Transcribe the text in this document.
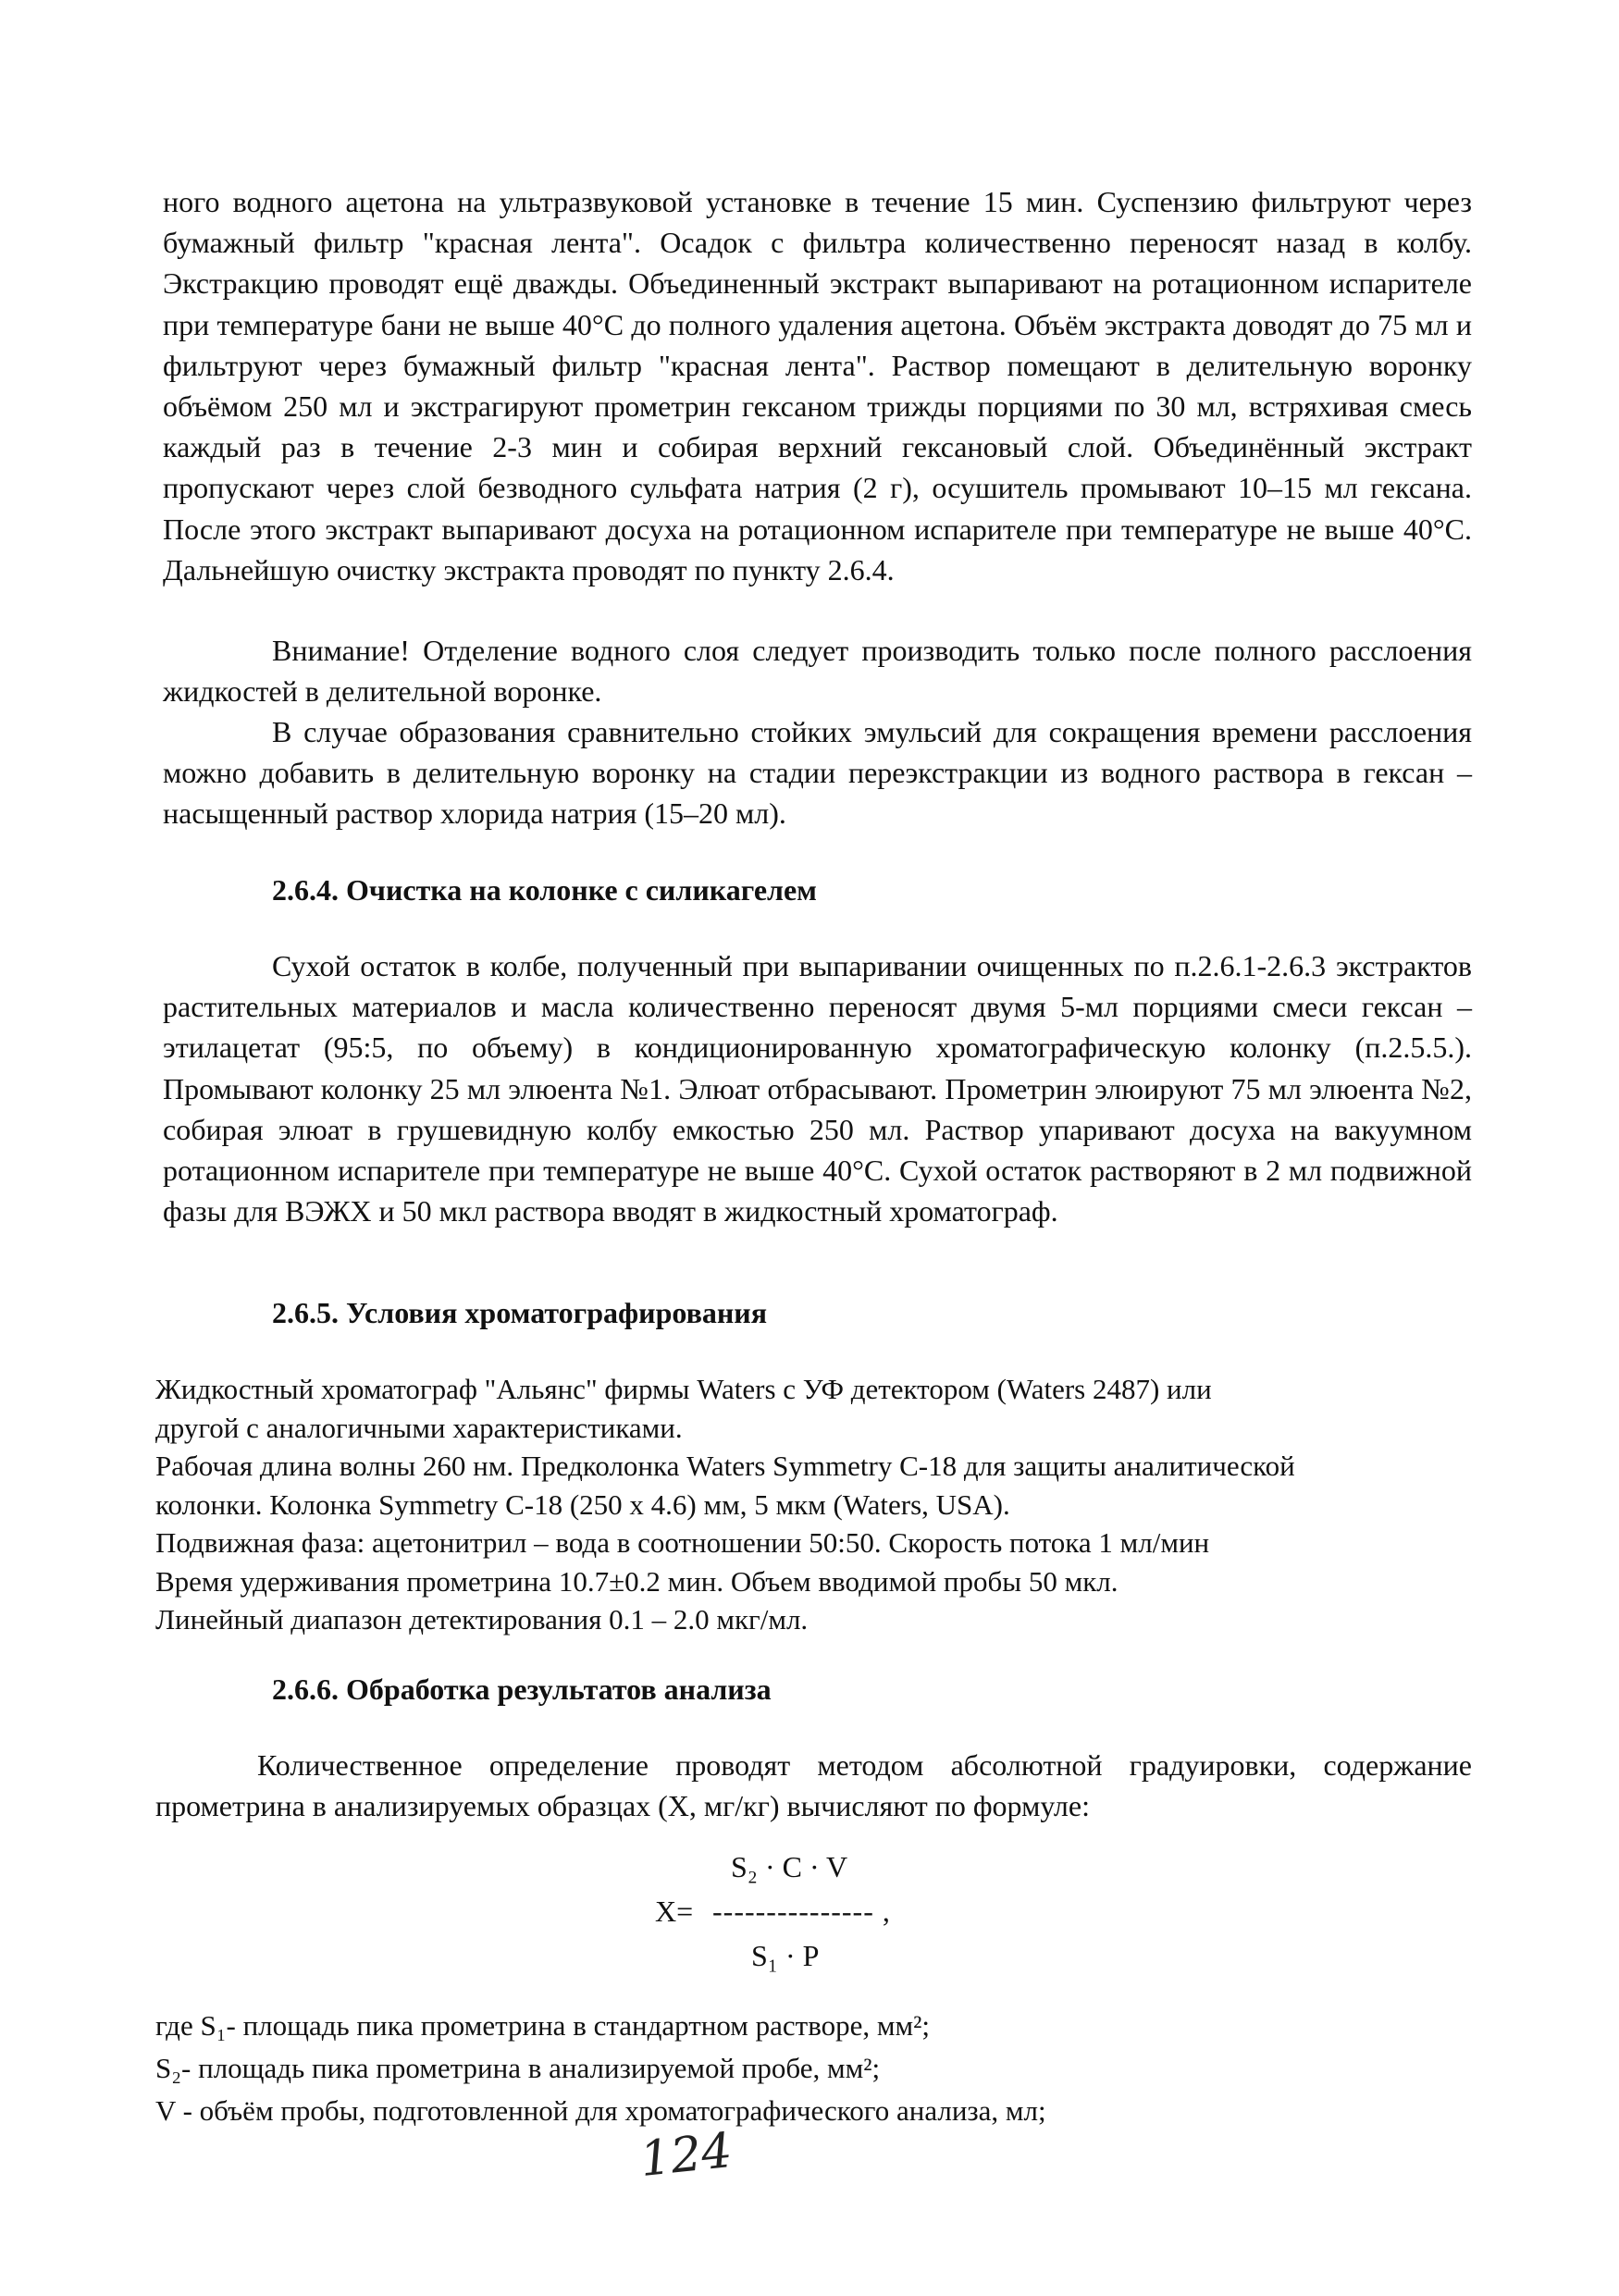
ного водного ацетона на ультразвуковой установке в течение 15 мин. Суспензию фильтруют через бумажный фильтр "красная лента". Осадок с фильтра количественно переносят назад в колбу. Экстракцию проводят ещё дважды. Объединенный экстракт выпаривают на ротационном испарителе при температуре бани не выше 40°С до полного удаления ацетона. Объём экстракта доводят до 75 мл и фильтруют через бумажный фильтр "красная лента". Раствор помещают в делительную воронку объёмом 250 мл и экстрагируют прометрин гексаном трижды порциями по 30 мл, встряхивая смесь каждый раз в течение 2-3 мин и собирая верхний гексановый слой. Объединённый экстракт пропускают через слой безводного сульфата натрия (2 г), осушитель промывают 10–15 мл гексана. После этого экстракт выпаривают досуха на ротационном испарителе при температуре не выше 40°С. Дальнейшую очистку экстракта проводят по пункту 2.6.4.

Внимание! Отделение водного слоя следует производить только после полного расслоения жидкостей в делительной воронке.

В случае образования сравнительно стойких эмульсий для сокращения времени расслоения можно добавить в делительную воронку на стадии переэкстракции из водного раствора в гексан – насыщенный раствор хлорида натрия (15–20 мл).

2.6.4. Очистка на колонке с силикагелем

Сухой остаток в колбе, полученный при выпаривании очищенных по п.2.6.1-2.6.3 экстрактов растительных материалов и масла количественно переносят двумя 5-мл порциями смеси гексан – этилацетат (95:5, по объему) в кондиционированную хроматографическую колонку (п.2.5.5.). Промывают колонку 25 мл элюента №1. Элюат отбрасывают. Прометрин элюируют 75 мл элюента №2, собирая элюат в грушевидную колбу емкостью 250 мл. Раствор упаривают досуха на вакуумном ротационном испарителе при температуре не выше 40°С. Сухой остаток растворяют в 2 мл подвижной фазы для ВЭЖХ и 50 мкл раствора вводят в жидкостный хроматограф.

2.6.5. Условия хроматографирования
Жидкостный хроматограф "Альянс" фирмы Waters с УФ детектором (Waters 2487) или
другой с аналогичными характеристиками.
Рабочая длина волны 260 нм. Предколонка Waters Symmetry С-18 для защиты аналитической
колонки. Колонка Symmetry С-18 (250 x 4.6) мм, 5 мкм (Waters, USA).
Подвижная фаза: ацетонитрил – вода в соотношении 50:50. Скорость потока 1 мл/мин
Время удерживания прометрина 10.7±0.2 мин. Объем вводимой пробы 50 мкл.
Линейный диапазон детектирования 0.1 – 2.0 мкг/мл.
2.6.6. Обработка результатов анализа

Количественное определение проводят методом абсолютной градуировки, содержание прометрина в анализируемых образцах (Х, мг/кг) вычисляют по формуле:

S₂ · C · V
X= --------------- ,
S₁ · P
где S₁- площадь пика прометрина в стандартном растворе, мм²;
S₂- площадь пика прометрина в анализируемой пробе, мм²;
V - объём пробы, подготовленной для хроматографического анализа, мл;
124
